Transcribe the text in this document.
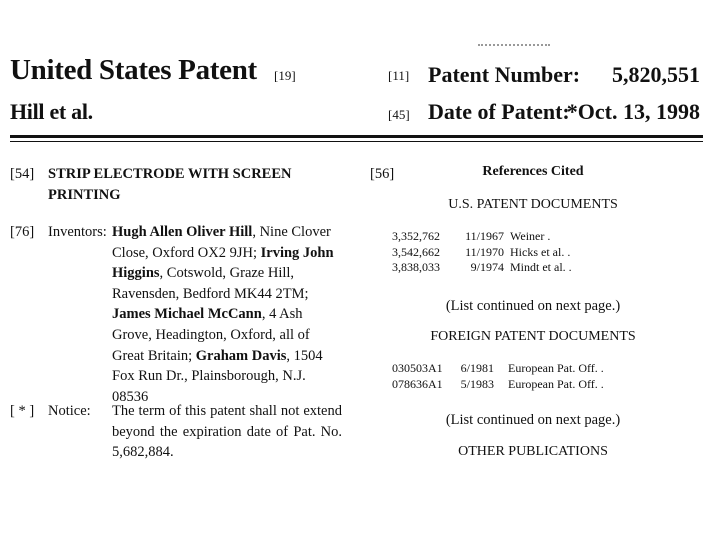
United States Patent [19]	[11] Patent Number: 5,820,551
Hill et al.	[45] Date of Patent:
*Oct. 13, 1998
[54] STRIP ELECTRODE WITH SCREEN
PRINTING
[76] Inventors: Hugh Allen Oliver Hill, Nine Clover Close, Oxford OX2 9JH; Irving John Higgins, Cotswold, Graze Hill, Ravensden, Bedford MK44 2TM; James Michael McCann, 4 Ash Grove, Headington, Oxford, all of Great Britain; Graham Davis, 1504 Fox Run Dr., Plainsborough, N.J. 08536
[ * ] Notice: The term of this patent shall not extend beyond the expiration date of Pat. No. 5,682,884.
[56]	References Cited
U.S. PATENT DOCUMENTS
3,352,762	11/1967	Weiner .
3,542,662	11/1970	Hicks et al. .
3,838,033	9/1974	Mindt et al. .
(List continued on next page.)
FOREIGN PATENT DOCUMENTS
030503A1	6/1981	European Pat. Off. .
078636A1	5/1983	European Pat. Off. .
(List continued on next page.)
OTHER PUBLICATIONS
